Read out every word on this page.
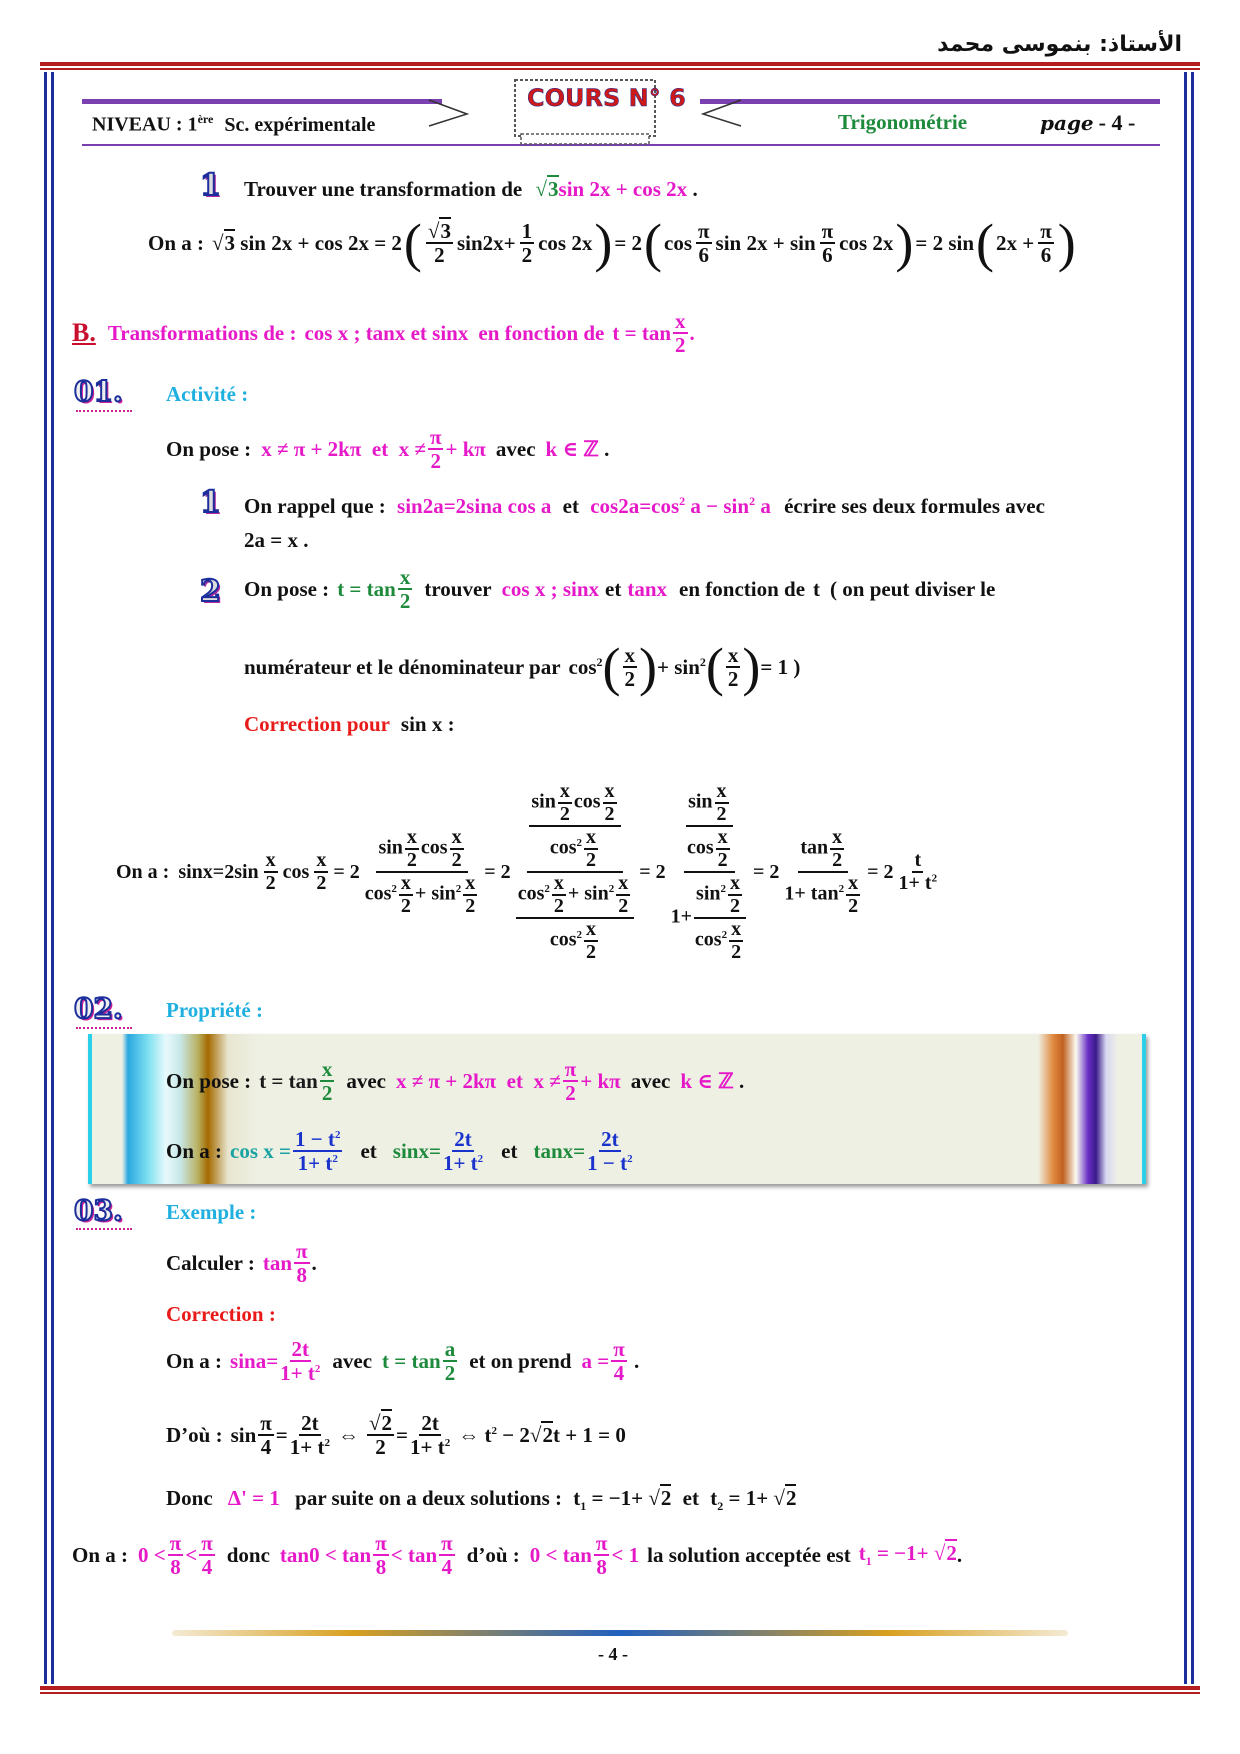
الأستاذ: بنموسى محمد
NIVEAU : 1ère Sc. expérimentale
COURS N° 6
Trigonométrie	page - 4 -
1 Trouver une transformation de √3sin 2x + cos 2x .
On a : √3 sin 2x + cos 2x = 2 ( √3
2
$\sin 2x+ \frac{1}{2}$ cos 2x ) = 2 ( cos π
6
sin 2x + sin π
6
cos 2x ) = 2 sin ( $2x + \frac{\pi}{6}$ )
B. Transformations de : cos x ; tanx et sinx en fonction de t = tan x
2
.
01. Activité :
On pose : x ≠ π + 2kπ  et  x ≠ π
2
+ kπ avec k ∈ ℤ .
1 On rappel que : sin2a=2sina cos a et $\cos 2a=\cos^2$ $a - \sin^2 a$ écrire ses deux formules avec
2a = x .
2 On pose : t = tan x
2
trouver cos x ; sinx et tanx en fonction de t ( on peut diviser le
numérateur et le dénominateur par $\cos^2$ ( x
2 ) + $\sin^2$ ( x
2 ) = 1 )
Correction pour sin x :
On a : sinx=2sin
x
2
$\cos \frac{x}{2} = 2 \frac{\sin \frac{x}{2} \cos \frac{x}{2}}{\cos^2 \frac{x}{2} + \sin^2 \frac{x}{2}} = 2 \frac{\frac{\sin \frac{x}{2} \cos \frac{x}{2}}{\cos^2 \frac{x}{2}}}{\frac{\cos^2 \frac{x}{2} + \sin^2 \frac{x}{2}}{\cos^2 \frac{x}{2}}} = 2 \frac{\frac{\sin \frac{x}{2}}{\cos \frac{x}{2}}}{1+ \frac{\sin^2 \frac{x}{2}}{\cos^2 \frac{x}{2}}} = 2 \frac{\tan \frac{x}{2}}{1+ \tan^2 \frac{x}{2}} = 2$
t
$1+ t^2$
02. Propriété :
On pose : t = tan x
2
avec x ≠ π + 2kπ  et  x ≠ π
2
+ kπ avec k ∈ ℤ .
On a : $\cos x = \frac{1 - t^2}{1+ t^2}$ et $\sin x= \frac{2t}{1+ t^2}$ et $\tan x= \frac{2t}{1 - t^2}$
03. Exemple :
Calculer : tan π
8
.
Correction :
On a : $\sin a= \frac{2t}{1+ t^2}$ avec t = tan a
2
et on prend $a = \frac{\pi}{4}$ .
D’où : $\sin \frac{\pi}{4} = \frac{2t}{1+ t^2}$ ⇔ $\frac{√2}{2} = \frac{2t}{1+ t^2}$ ⇔ $t^2 - 2√2t + 1 = 0$
Donc Δ' = 1 par suite on a deux solutions : $t_1 = -1+ √2$ et $t_2 = 1+ √2$
On a : 0 < π
8
< π
4
donc tan0 < tan π
8
< tan π
4
d’où : 0 < tan π
8
< 1 la solution acceptée est $t_1 = -1+ √2$ .
- 4 -
